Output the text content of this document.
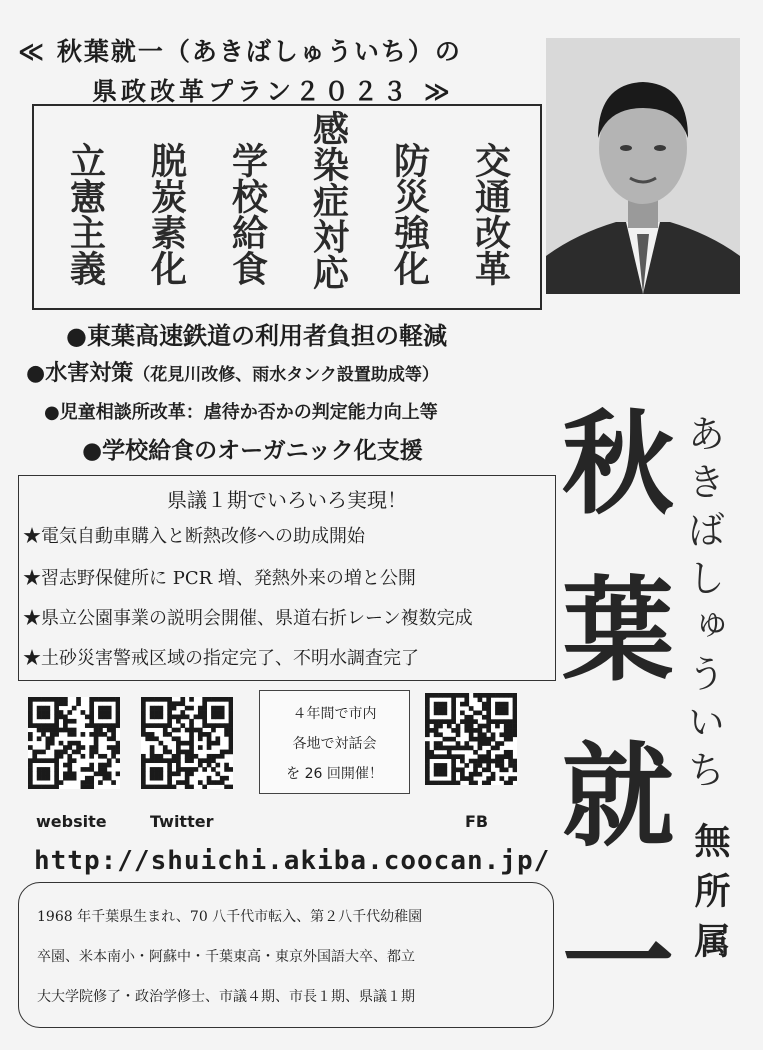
≪ 秋葉就一（あきばしゅういち）の
県政改革プラン２０２３ ≫
立憲主義 脱炭素化 学校給食 感染症対応 防災強化 交通改革
●東葉高速鉄道の利用者負担の軽減
●水害対策（花見川改修、雨水タンク設置助成等）
●児童相談所改革：虐待か否かの判定能力向上等
●学校給食のオーガニック化支援
県議１期でいろいろ実現！
★電気自動車購入と断熱改修への助成開始
★習志野保健所に PCR 増、発熱外来の増と公開
★県立公園事業の説明会開催、県道右折レーン複数完成
★土砂災害警戒区域の指定完了、不明水調査完了
website	Twitter	FB
４年間で市内
各地で対話会
を 26 回開催！
http://shuichi.akiba.coocan.jp/
1968 年千葉県生まれ、70 八千代市転入、第２八千代幼稚園
卒園、米本南小・阿蘇中・千葉東高・東京外国語大卒、都立
大大学院修了・政治学修士、市議４期、市長１期、県議１期
秋
葉
就
一
あきばしゅういち
無所属
